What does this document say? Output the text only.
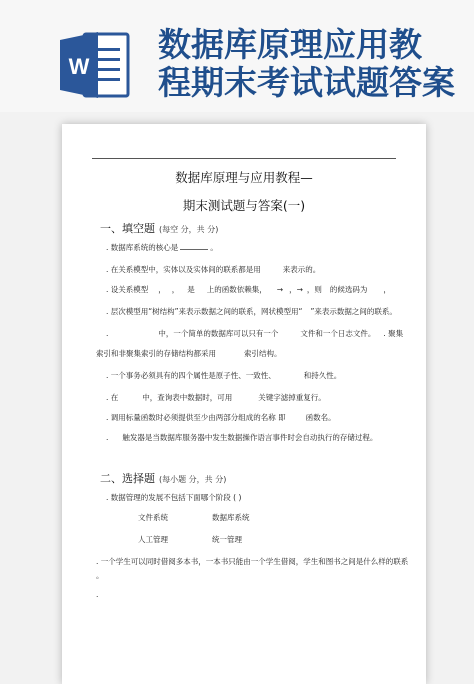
W
数据库原理应用教
程期末考试试题答案
数据库原理与应用教程—
期末测试题与答案(一)
一、填空题 (每空 分，共 分)
. 数据库系统的核心是	。
. 在关系模型中，实体以及实体间的联系都是用	来表示的。
. 设关系模型 ， ， 是 上的函数依赖集， → ，→ ，则 的候选码为 ，
. 层次模型用“树结构”来表示数据之间的联系，网状模型用“ ”来表示数据之间的联系。
.	中，一个简单的数据库可以只有一个	文件和一个日志文件。 . 聚集
索引和非聚集索引的存储结构都采用	索引结构。
. 一个事务必须具有的四个属性是原子性、一致性、	和持久性。
. 在	中，查询表中数据时，可用	关键字滤掉重复行。
. 调用标量函数时必须提供至少由两部分组成的名称 即	函数名。
. 触发器是当数据库服务器中发生数据操作语言事件时会自动执行的存储过程。
二、选择题 (每小题 分，共 分)
. 数据管理的发展不包括下面哪个阶段 ( )
文件系统	数据库系统
人工管理	统一管理
. 一个学生可以同时借阅多本书，一本书只能由一个学生借阅，学生和图书之间是什么样的联系
。
.
